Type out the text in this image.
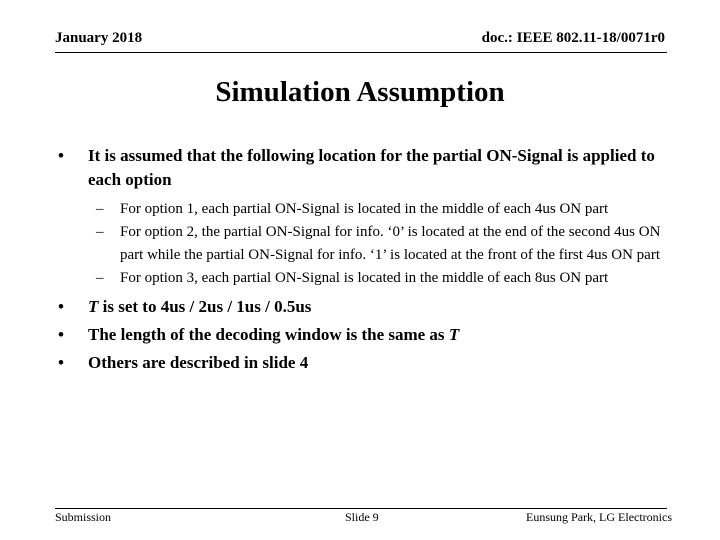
January 2018	doc.: IEEE 802.11-18/0071r0
Simulation Assumption
• It is assumed that the following location for the partial ON-Signal is applied to each option
– For option 1, each partial ON-Signal is located in the middle of each 4us ON part
– For option 2, the partial ON-Signal for info. ‘0’ is located at the end of the second 4us ON part while the partial ON-Signal for info. ‘1’ is located at the front of the first 4us ON part
– For option 3, each partial ON-Signal is located in the middle of each 8us ON part
• T is set to 4us / 2us / 1us / 0.5us
• The length of the decoding window is the same as T
• Others are described in slide 4
Submission	Slide 9	Eunsung Park, LG Electronics
